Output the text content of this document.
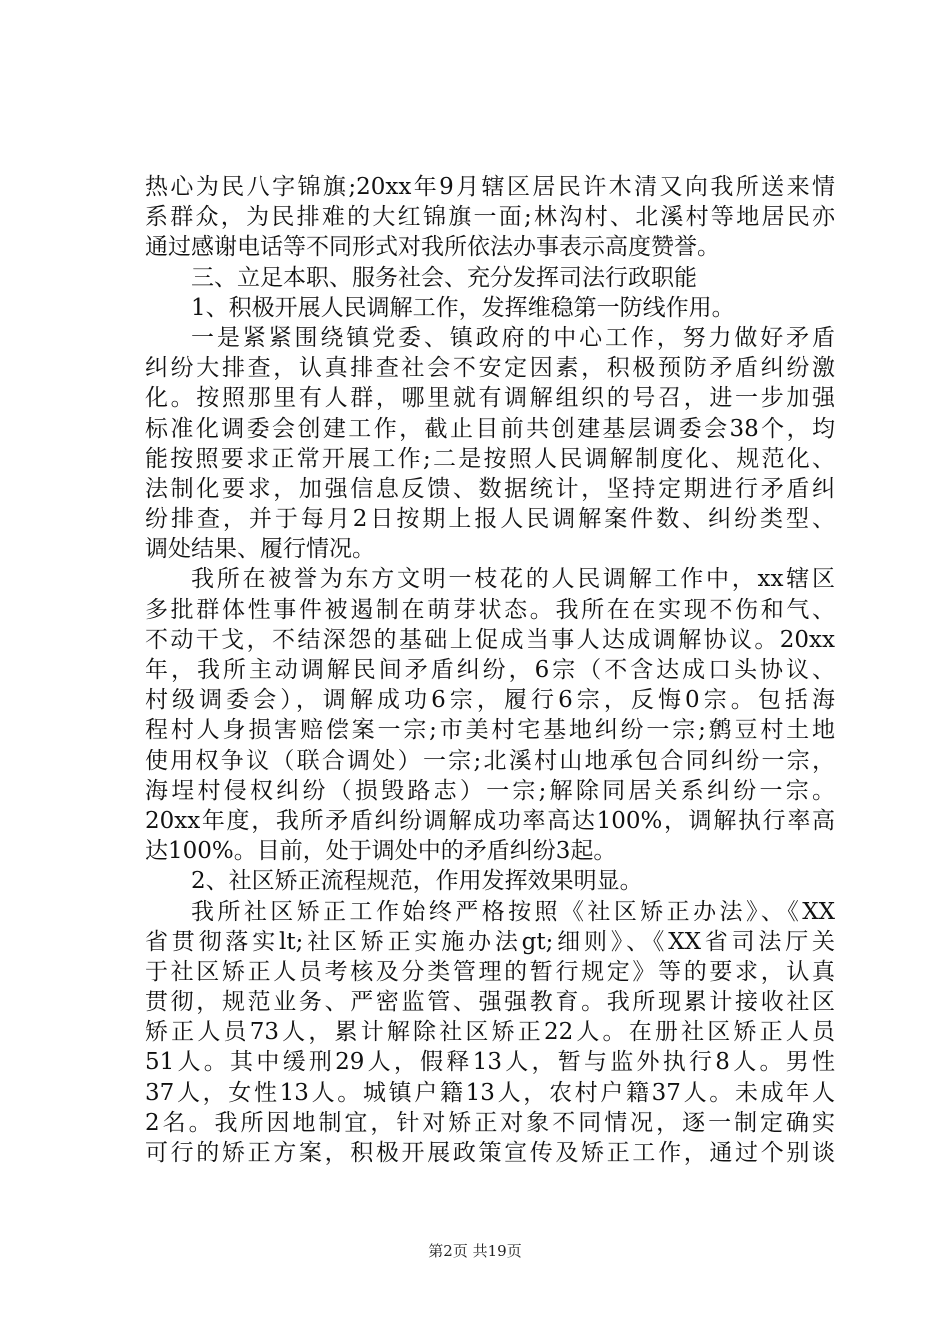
热心为民八字锦旗;20xx年9月辖区居民许木清又向我所送来情
系群众，为民排难的大红锦旗一面;林沟村、北溪村等地居民亦
通过感谢电话等不同形式对我所依法办事表示高度赞誉。
三、立足本职、服务社会、充分发挥司法行政职能
1、积极开展人民调解工作，发挥维稳第一防线作用。
一是紧紧围绕镇党委、镇政府的中心工作，努力做好矛盾
纠纷大排查，认真排查社会不安定因素，积极预防矛盾纠纷激
化。按照那里有人群，哪里就有调解组织的号召，进一步加强
标准化调委会创建工作，截止目前共创建基层调委会38个，均
能按照要求正常开展工作;二是按照人民调解制度化、规范化、
法制化要求，加强信息反馈、数据统计，坚持定期进行矛盾纠
纷排查，并于每月2日按期上报人民调解案件数、纠纷类型、
调处结果、履行情况。
我所在被誉为东方文明一枝花的人民调解工作中，xx辖区
多批群体性事件被遏制在萌芽状态。我所在在实现不伤和气、
不动干戈，不结深怨的基础上促成当事人达成调解协议。20xx
年，我所主动调解民间矛盾纠纷，6宗（不含达成口头协议、
村级调委会），调解成功6宗，履行6宗，反悔0宗。包括海
程村人身损害赔偿案一宗;市美村宅基地纠纷一宗;鹩豆村土地
使用权争议（联合调处）一宗;北溪村山地承包合同纠纷一宗，
海埕村侵权纠纷（损毁路志）一宗;解除同居关系纠纷一宗。
20xx年度，我所矛盾纠纷调解成功率高达100%，调解执行率高
达100%。目前，处于调处中的矛盾纠纷3起。
2、社区矫正流程规范，作用发挥效果明显。
我所社区矫正工作始终严格按照《社区矫正办法》、《XX
省贯彻落实lt;社区矫正实施办法gt;细则》、《XX省司法厅关
于社区矫正人员考核及分类管理的暂行规定》等的要求，认真
贯彻，规范业务、严密监管、强强教育。我所现累计接收社区
矫正人员73人，累计解除社区矫正22人。在册社区矫正人员
51人。其中缓刑29人，假释13人，暂与监外执行8人。男性
37人，女性13人。城镇户籍13人，农村户籍37人。未成年人
2名。我所因地制宜，针对矫正对象不同情况，逐一制定确实
可行的矫正方案，积极开展政策宣传及矫正工作，通过个别谈
第2页 共19页
